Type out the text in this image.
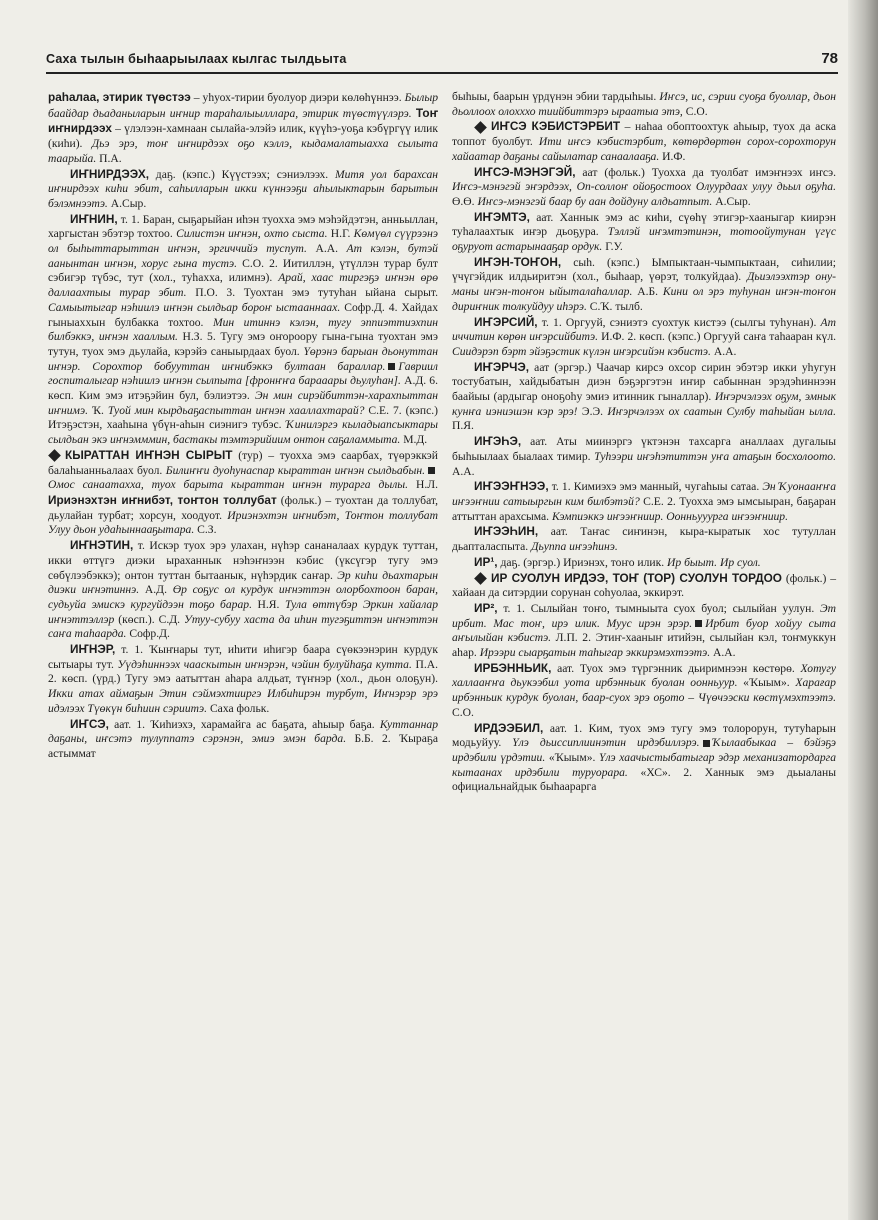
Саха тылын быһаарыылаах кылгас тылдьыта	78

раһалаа, этирик түөстээ – уһуох-тирии буолуор диэри көлөһүннээ. Былыр баайдар дьаданыларын иҥнир тараһалыылллара, этирик түөстүүлэрэ. Тоҥ иҥнирдээх – үлэлээн-хамнаан сылайа-элэйэ илик, күүһэ-уоҕа кэбүргүү илик (киһи). Дьэ эрэ, тоҥ иҥнирдээх оҕо кэллэ, кыдамалатыаххa сылыта таарыйа. П.А.

ИҤНИРДЭЭХ, даҕ. (кэпс.) Күүстээх; сэниэлээх. Митя уол барахсан иҥнирдээх киһи эбит, саһылларын икки күннээҕи аһылыктарын барытын бэлэмнээтэ. А.Сыр.

ИҤНИН, т. 1. Баран, сыҕарыйан иһэн туохха эмэ мэһэйдэтэн, анньыллан, харгыстан эбэтэр тохтоо. Силистэн иҥнэн, охто сыста. Н.Г. Көмүөл сүүрээнэ ол быһыттарыттан иҥнэн, эргиччийэ туспут. А.А. Ат кэлэн, бутэй аанынтан иҥнэн, хорус гына тустэ. С.О. 2. Иитиллэн, үтүллэн турар булт сэбигэр түбэс, тут (хол., туһахха, илимнэ). Арай, хаас тиргэҕэ иҥнэн өрө даллаахтыы турар эбит. П.О. 3. Туохтан эмэ тутуһан ыйана сырыт. Самыытыгар нэһиилэ иҥнэн сылдьар бороҥ ыстааннаах. Софр.Д. 4. Хайдах гыныаххын булбакка тохтоо. Мин итиннэ кэлэн, тугу эппиэттиэхпин билбэккэ, иҥнэн хааллым. Н.З. 5. Тугу эмэ оҥороору гына-гына туохтан эмэ тутун, туох эмэ дьулайа, кэрэйэ саныырдаах буол. Үөрэнэ барыан дьонуттан иҥнэр. Сорохтор бобууттан иҥнибэккэ бултаан бараллар. Гавриил госпиталыгар нэһиилэ иҥнэн сылпыта [фронҥҥа барааары дьулуһан]. А.Д. 6. көсп. Ким эмэ итэҕэйин бул, бэлиэтээ. Эн мин сирэйбиттэн-харахпыттан иҥнимэ. Ҡ. Туой мин кырдьаҕаспыттан иҥнэн хааллахтарай? С.Е. 7. (кэпс.) Итэҕэстэн, хааһына үбүн-аһын сиэнигэ тубэс. Ҡинилэргэ кыладыапсыктары сылдьан экэ иҥнэмммин, бастакы тэмтэрийиим онтон саҕаламмыта. М.Д.

КЫРАТТАН ИҤНЭН СЫРЫТ (тур) – туохха эмэ саарбах, түөрэккэй балаһыанньалаах буол. Билиҥҥи дуоһунаспар кыраттан иҥнэн сылдьабын.Омос санаатахха, туох барыта кыраттан иҥнэн турарга дылы. Н.Л. Ириэнэхтэн иҥнибэт, тоҥтон толлубат (фольк.) – туохтан да толлубат, дьулайан турбат; хорсун, хоодуот. Ириэнэхтэн иҥнибэт, Тоҥтон толлубат Улуу дьон удаһыннааҕытара. С.З.

ИҤНЭТИН, т. Искэр туох эрэ улахан, нүһэр сананалаах курдук туттан, икки өттүгэ диэки ыраханнык нэһэҥнээн кэбис (үксүгэр тугу эмэ сөбүлээбэккэ); онтон туттан бытаанык, нүһэрдик саҥар. Эр киһи дьахтарын диэки иҥнэтиннэ. А.Д. Өр соҕус ол курдук иҥнэттэн олорбохтоон баран, судьуйа эмискэ кургуйдээн тоҕо барар. Н.Я. Тула өттүбэр Эркин хайалар иҥнэттэллэр (көсп.). С.Д. Утуу-субуу хаста да иһин тугэҕиттэн иҥнэттэн саҥа таһаарда. Софр.Д.

ИҤНЭР, т. 1. Ҡыҥнары тут, иһити иһигэр бааpa сүөкээнэрин курдук сытыары тут. Уүдэһиннээх чааскытын иҥнэрэн, чэйин булуйһаҕа кутта. П.А. 2. көсп. (үрд.) Тугу эмэ аатыттан аһара алдьат, түҥнэр (хол., дьон олоҕун). Икки атах аймаҕын Этин сэймэхтииргэ Илбиһирэн турбут, Иҥнэрэр эрэ идэлээх Түөкүн биһиин сэриитэ. Саха фольк.

ИҤСЭ, аат. 1. Ҡиһиэхэ, харамайга ас баҕата, аһыыр баҕа. Куттаннар даҕаны, иҥсэтэ тулуппатэ сэрэнэн, эмиэ эмэн барда. Б.Б. 2. Ҡыраҕа астыммат

быһыы, баарын үрдүнэн эбии тардыһыы. Иҥсэ, ис, сэрии суоҕа буоллар, дьон дьоллоох олохххо тиийбиттэрэ ырaaтыа этэ, С.О.

ИҤСЭ КЭБИСТЭРБИТ – наһаа обоптоохтук аһыыр, туох да аска топпот буолбут. Ити иҥсэ кэбистэрбит, көтөрдөртөн сорох-сорохторун хайаатар даҕаны сайылатар санаалааҕа. И.Ф.

ИҤСЭ-МЭНЭГЭЙ, аат (фольк.) Туохха да туолбат имэҥнээх иҥсэ. Иҥсэ-мэнэгэй эҥэрдээх, Оп-соллоҥ ойоҕостоох Олуурдаах улуу дьыл оҕуһа. Ө.Ө. Иҥсэ-мэнэгэй баар бу аан дойдуну алдьатпыт. А.Сыр.

ИҤЭМТЭ, аат. Ханнык эмэ ас киһи, сүөһү этигэр-хааныгар киирэн туһалаахтык иҥэр дьоҕура. Тэллэй иҥэмтэтинэн, тотоойутунан үгүс оҕуруот астарынааҕар ордук. Г.У.

ИҤЭН-ТОҤОН, сыһ. (кэпс.) Ымпыктаан-чымпыктаан, сиһилии; үчүгэйдик илдьиритэн (хол., быһаар, үөрэт, толкуйдаа). Дьиэлээхтэр ону-маны иҥэн-тоҥон ыйыталаһаллар. А.Б. Кини ол эрэ туһунан иҥэн-тоҥон дириҥник толкуйдуу иһэрэ. С.Ҡ. тылб.

ИҤЭРСИЙ, т. 1. Оргууй, сэниэтэ суохтук кистээ (сылгы туһунан). Ат иччитин көрөн иҥэрсийбитэ. И.Ф. 2. көсп. (кэпс.) Оргууй саҥа таһааран күл. Сиидэрэп бэрт эйэҕэстик күлэн иҥэрсийэн кэбистэ. А.А.

ИҤЭРЧЭ, аат (эргэр.) Чаачар кирсэ охсор сирин эбэтэр икки уһугун тостубатын, хайдыбатын диэн бэҕэргэтэн иҥир сабыннан эрэдэһиннээн баайыы (ардыгар оноҕоһу эмиэ итинник гыналлар). Иҥэрчэлээх оҕум, эмнык кунҥа иэниэшэн кэр эрэ! Э.Э. Иҥэрчэлээх ох саатын Сулбу таһыйан ылла. П.Я.

ИҤЭҺЭ, аат. Аты миинэргэ үктэнэн тахсарга аналлаах дугалыы быһыылаах быалаах тимир. Туһээри иҥэһэтиттэн уҥа атаҕын босхолоото. А.А.

ИҤЭЭҤНЭЭ, т. 1. Кимиэхэ эмэ манный, чугаһыы сатаа. Эн Ҡуонааҥҥа иҥээҥнии сатыыргын ким билбэтэй? С.Е. 2. Туохха эмэ ымсыыран, баҕаран аттыттан арахсыма. Кэмпиэккэ иҥээҥниир. Оонньууурга иҥээҥниир.

ИҤЭЭҺИН, аат. Таҥас сиҥинэн, кыра-кыратык хос тутуллан дьапталаспыта. Дьуппа иҥээһинэ.

ИР¹, даҕ. (эргэр.) Ириэнэх, тоҥо илик. Ир быыт. Ир суол.

ИР СУОЛУН ИРДЭЭ, ТОҤ (ТОР) СУОЛУН ТОРДОО (фольк.) –хайаан да ситэрдии сорунан соһуолаа, эккирэт.

ИР², т. 1. Сылыйан тоҥо, тымныыта суох буол; сылыйан уулун. Эт ирбит. Мас тоҥ, ирэ илик. Муус ирэн эрэр. Ирбит буор хойуу сыта аҥылыйан кэбистэ. Л.П. 2. Этиҥ-хааныҥ итийэн, сылыйан кэл, тоҥмуккун аһар. Ирээри сыарҕатын таһыгар эккирэмэхтээтэ. А.А.

ИРБЭННЬИК, аат. Туох эмэ түргэнник дьиримнээн көстөрө. Хотугу халлааҥҥа дьукээбил уота ирбэнньик буолан оонньуур. «Ҡыым». Харағар ирбэнньик курдук буолан, баар-суох эрэ оҕото – Чүөчээски көстүмэхтээтэ. С.О.

ИРДЭЭБИЛ, аат. 1. Ким, туох эмэ тугу эмэ толорорун, тутуһарын модьуйуу. Үлэ дьиссиплиинэтин ирдэбиллэрэ. Ҡылаабыкаа – бэйэҕэ ирдэбили үрдэтии. «Ҡыым». Үлэ хаачыстыбатыгар эдэр механизатордарга кытаанах ирдэбили туруорара. «ХС». 2. Ханнык эмэ дьыаланы официальнайдык быһаарарга
